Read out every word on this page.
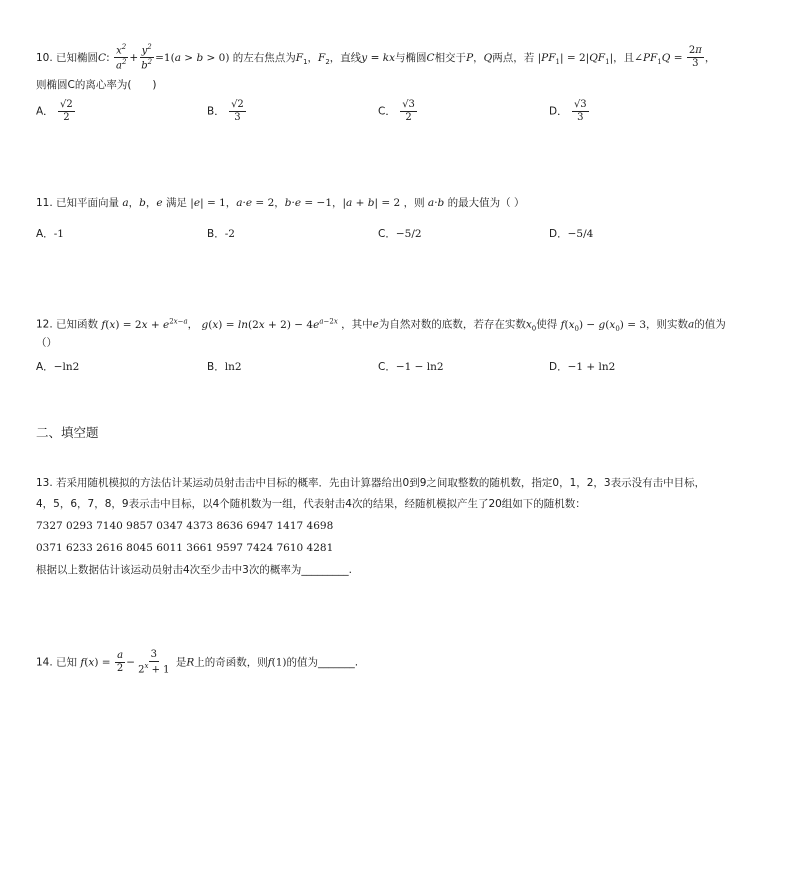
10. 已知椭圆C: $\frac{x^2}{a^2} + \frac{y^2}{b^2} =1(a > b > 0)$ 的左右焦点为$F_1$，$F_2$，直线y = kx与椭圆C相交于P，Q两点，若 $|PF_1| = 2|QF_1|$，且$\angle PF_1Q = \frac{2\pi}{3}$ ，
则椭圆C的离心率为(　　)
A． $\frac{√2}{2}$	B． $\frac{√2}{3}$	C． $\frac{√3}{2}$	D． $\frac{√3}{3}$
11. 已知平面向量 a，b，e 满足 |e| = 1，a·e = 2，b·e = −1，|a + b| = 2 ，则 a·b 的最大值为（ ）
A．-1	B．-2	C．−5/2	D．−5/4
12. 已知函数 $f(x) = 2x + e^{2x-a}$， $g(x) = \ln(2x + 2) - 4e^{a-2x}$ ，其中e为自然对数的底数，若存在实数$x_0$使得 $f(x_0) - g(x_0) = 3$，则实数a的值为
（）
A．−ln2	B．ln2	C．−1 − ln2	D．−1 + ln2
二、填空题
13. 若采用随机模拟的方法估计某运动员射击击中目标的概率．先由计算器给出0到9之间取整数的随机数，指定0，1，2，3表示没有击中目标，
4，5，6，7，8，9表示击中目标，以4个随机数为一组，代表射击4次的结果，经随机模拟产生了20组如下的随机数：
7327 0293 7140 9857 0347 4373 8636 6947 1417 4698
0371 6233 2616 8045 6011 3661 9597 7424 7610 4281
根据以上数据估计该运动员射击4次至少击中3次的概率为_________.
14. 已知 $f(x) = \frac{a}{2} - \frac{3}{2^x + 1}$ 是R上的奇函数，则f(1)的值为_______.
